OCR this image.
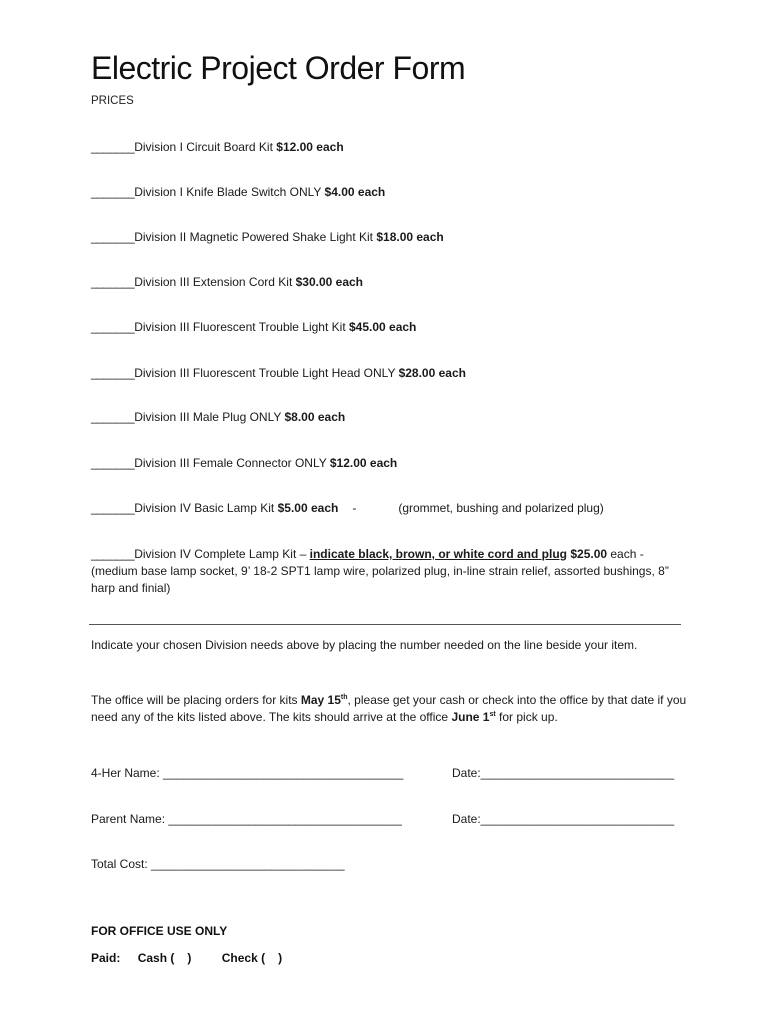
Electric Project Order Form
PRICES
_______Division I Circuit Board Kit $12.00 each
_______Division I Knife Blade Switch ONLY $4.00 each
_______Division II Magnetic Powered Shake Light Kit $18.00 each
_______Division III Extension Cord Kit $30.00 each
_______Division III Fluorescent Trouble Light Kit $45.00 each
_______Division III Fluorescent Trouble Light Head ONLY $28.00 each
_______Division III Male Plug ONLY $8.00 each
_______Division III Female Connector ONLY $12.00 each
_______Division IV Basic Lamp Kit $5.00 each -	(grommet, bushing and polarized plug)
_______Division IV Complete Lamp Kit – indicate black, brown, or white cord and plug $25.00 each - (medium base lamp socket, 9’ 18-2 SPT1 lamp wire, polarized plug, in-line strain relief, assorted bushings, 8” harp and finial)
Indicate your chosen Division needs above by placing the number needed on the line beside your item.
The office will be placing orders for kits May 15th, please get your cash or check into the office by that date if you need any of the kits listed above. The kits should arrive at the office June 1st for pick up.
4-Her Name: ____________________________________	Date:_____________________________
Parent Name: ___________________________________	Date:_____________________________
Total Cost: _____________________________
FOR OFFICE USE ONLY
Paid: Cash ( )	Check ( )
